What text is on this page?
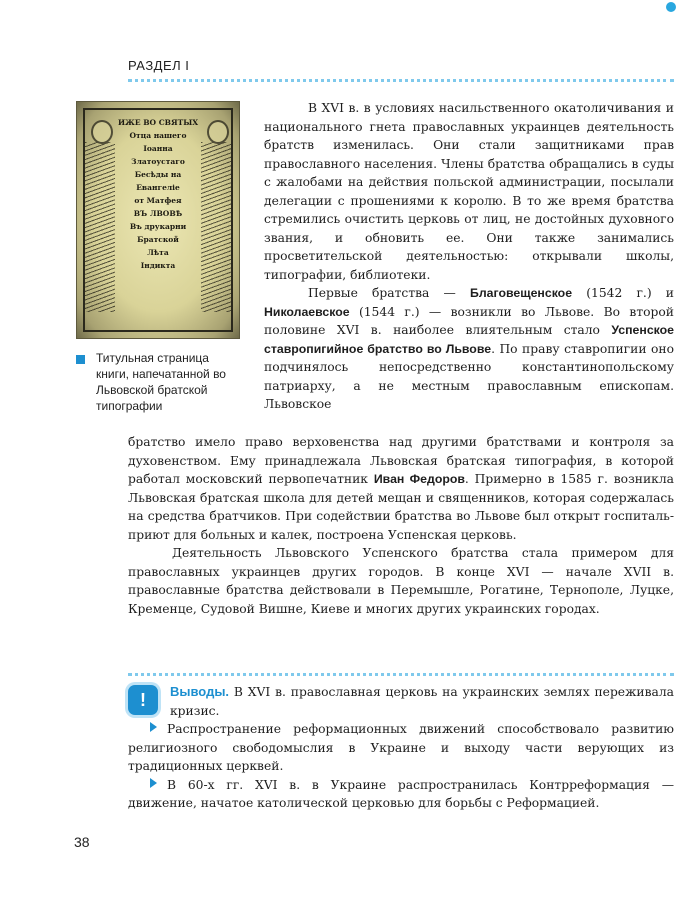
РАЗДЕЛ I
ИЖЕ ВО СВЯТЫХ
Отца нашего Іоанна
Златоустаго
Бесѣды на Евангеліе
от Матфея
ВЪ ЛВОВѢ
Въ друкарни Братской
Лѣта
Індикта

Титульная страница книги, напечатанной во Львовской братской типографии

В XVI в. в условиях насильственного окатоличивания и национального гнета православных украинцев деятельность братств изменилась. Они стали защитниками прав православного населения. Члены братства обращались в суды с жалобами на действия польской администрации, посылали делегации с прошениями к королю. В то же время братства стремились очистить церковь от лиц, не достойных духовного звания, и обновить ее. Они также занимались просветительской деятельностью: открывали школы, типографии, библиотеки.

Первые братства — Благовещенское (1542 г.) и Николаевское (1544 г.) — возникли во Львове. Во второй половине XVI в. наиболее влиятельным стало Успенское ставропигийное братство во Львове. По праву ставропигии оно подчинялось непосредственно константинопольскому патриарху, а не местным православным епископам. Львовское

братство имело право верховенства над другими братствами и контроля за духовенством. Ему принадлежала Львовская братская типография, в которой работал московский первопечатник Иван Федоров. Примерно в 1585 г. возникла Львовская братская школа для детей мещан и священников, которая содержалась на средства братчиков. При содействии братства во Львове был открыт госпиталь-приют для больных и калек, построена Успенская церковь.

Деятельность Львовского Успенского братства стала примером для православных украинцев других городов. В конце XVI — начале XVII в. православные братства действовали в Перемышле, Рогатине, Тернополе, Луцке, Кременце, Судовой Вишне, Киеве и многих других украинских городах.

!	Выводы. В XVI в. православная церковь на украинских землях переживала кризис.

Распространение реформационных движений способствовало развитию религиозного свободомыслия в Украине и выходу части верующих из традиционных церквей.

В 60-х гг. XVI в. в Украине распространилась Контрреформация — движение, начатое католической церковью для борьбы с Реформацией.

38
